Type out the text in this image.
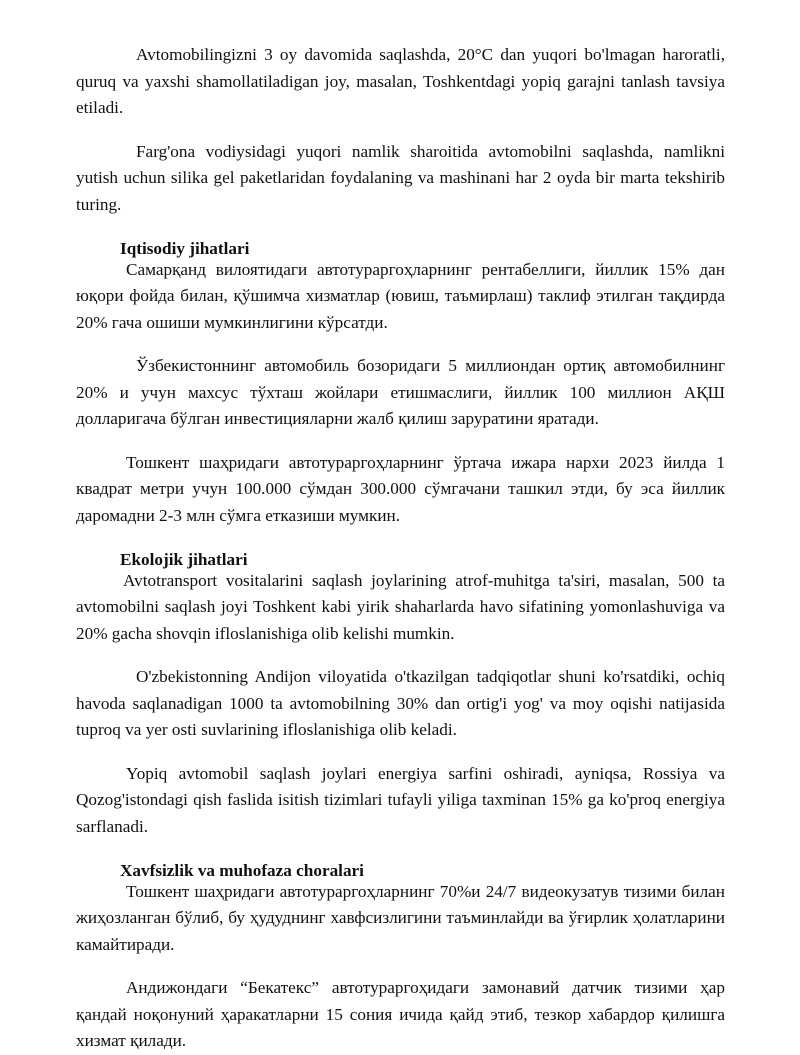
Avtomobilingizni 3 oy davomida saqlashda, 20°C dan yuqori bo'lmagan haroratli, quruq va yaxshi shamollatiladigan joy, masalan, Toshkentdagi yopiq garajni tanlash tavsiya etiladi.

Farg'ona vodiysidagi yuqori namlik sharoitida avtomobilni saqlashda, namlikni yutish uchun silika gel paketlaridan foydalaning va mashinani har 2 oyda bir marta tekshirib turing.

Iqtisodiy jihatlari

Самарқанд вилоятидаги автотураргоҳларнинг рентабеллиги, йиллик 15% дан юқори фойда билан, қўшимча хизматлар (ювиш, таъмирлаш) таклиф этилган тақдирда 20% гача ошиши мумкинлигини кўрсатди.

Ўзбекистоннинг автомобиль бозоридаги 5 миллиондан ортиқ автомобилнинг 20% и учун махсус тўхташ жойлари етишмаслиги, йиллик 100 миллион АҚШ долларигача бўлган инвестицияларни жалб қилиш заруратини яратади.

Тошкент шаҳридаги автотураргоҳларнинг ўртача ижара нархи 2023 йилда 1 квадрат метри учун 100.000 сўмдан 300.000 сўмгачани ташкил этди, бу эса йиллик даромадни 2-3 млн сўмга етказиши мумкин.

Ekolojik jihatlari

Avtotransport vositalarini saqlash joylarining atrof-muhitga ta'siri, masalan, 500 ta avtomobilni saqlash joyi Toshkent kabi yirik shaharlarda havo sifatining yomonlashuviga va 20% gacha shovqin ifloslanishiga olib kelishi mumkin.

O'zbekistonning Andijon viloyatida o'tkazilgan tadqiqotlar shuni ko'rsatdiki, ochiq havoda saqlanadigan 1000 ta avtomobilning 30% dan ortig'i yog' va moy oqishi natijasida tuproq va yer osti suvlarining ifloslanishiga olib keladi.

Yopiq avtomobil saqlash joylari energiya sarfini oshiradi, ayniqsa, Rossiya va Qozog'istondagi qish faslida isitish tizimlari tufayli yiliga taxminan 15% ga ko'proq energiya sarflanadi.

Xavfsizlik va muhofaza choralari

Тошкент шаҳридаги автотураргоҳларнинг 70%и 24/7 видеокузатув тизими билан жиҳозланган бўлиб, бу ҳудуднинг хавфсизлигини таъминлайди ва ўғирлик ҳолатларини камайтиради.

Андижондаги “Бекатекс” автотураргоҳидаги замонавий датчик тизими ҳар қандай ноқонуний ҳаракатларни 15 сония ичида қайд этиб, тезкор хабардор қилишга хизмат қилади.
